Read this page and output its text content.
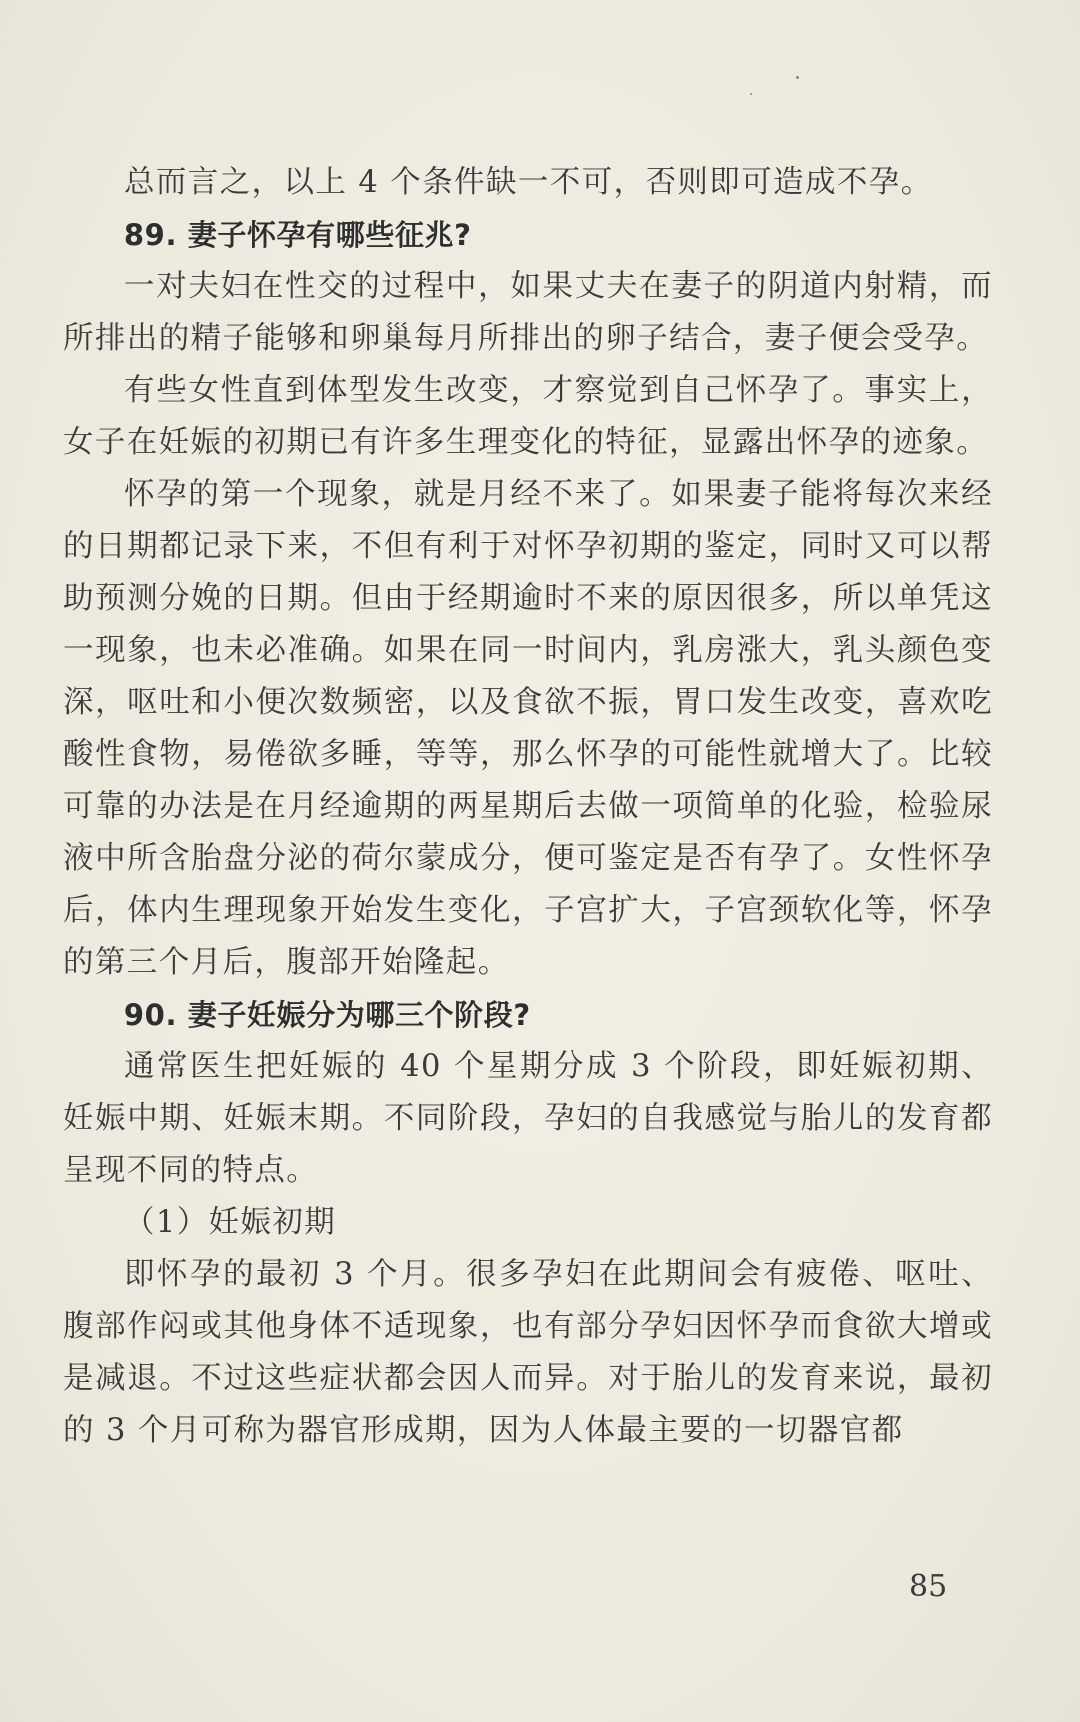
总而言之，以上 4 个条件缺一不可，否则即可造成不孕。

89. 妻子怀孕有哪些征兆?

一对夫妇在性交的过程中，如果丈夫在妻子的阴道内射精，而所排出的精子能够和卵巢每月所排出的卵子结合，妻子便会受孕。

有些女性直到体型发生改变，才察觉到自己怀孕了。事实上，女子在妊娠的初期已有许多生理变化的特征，显露出怀孕的迹象。

怀孕的第一个现象，就是月经不来了。如果妻子能将每次来经的日期都记录下来，不但有利于对怀孕初期的鉴定，同时又可以帮助预测分娩的日期。但由于经期逾时不来的原因很多，所以单凭这一现象，也未必准确。如果在同一时间内，乳房涨大，乳头颜色变深，呕吐和小便次数频密，以及食欲不振，胃口发生改变，喜欢吃酸性食物，易倦欲多睡，等等，那么怀孕的可能性就增大了。比较可靠的办法是在月经逾期的两星期后去做一项简单的化验，检验尿液中所含胎盘分泌的荷尔蒙成分，便可鉴定是否有孕了。女性怀孕后，体内生理现象开始发生变化，子宫扩大，子宫颈软化等，怀孕的第三个月后，腹部开始隆起。

90. 妻子妊娠分为哪三个阶段?

通常医生把妊娠的 40 个星期分成 3 个阶段，即妊娠初期、妊娠中期、妊娠末期。不同阶段，孕妇的自我感觉与胎儿的发育都呈现不同的特点。

（1）妊娠初期

即怀孕的最初 3 个月。很多孕妇在此期间会有疲倦、呕吐、腹部作闷或其他身体不适现象，也有部分孕妇因怀孕而食欲大增或是减退。不过这些症状都会因人而异。对于胎儿的发育来说，最初的 3 个月可称为器官形成期，因为人体最主要的一切器官都

85
